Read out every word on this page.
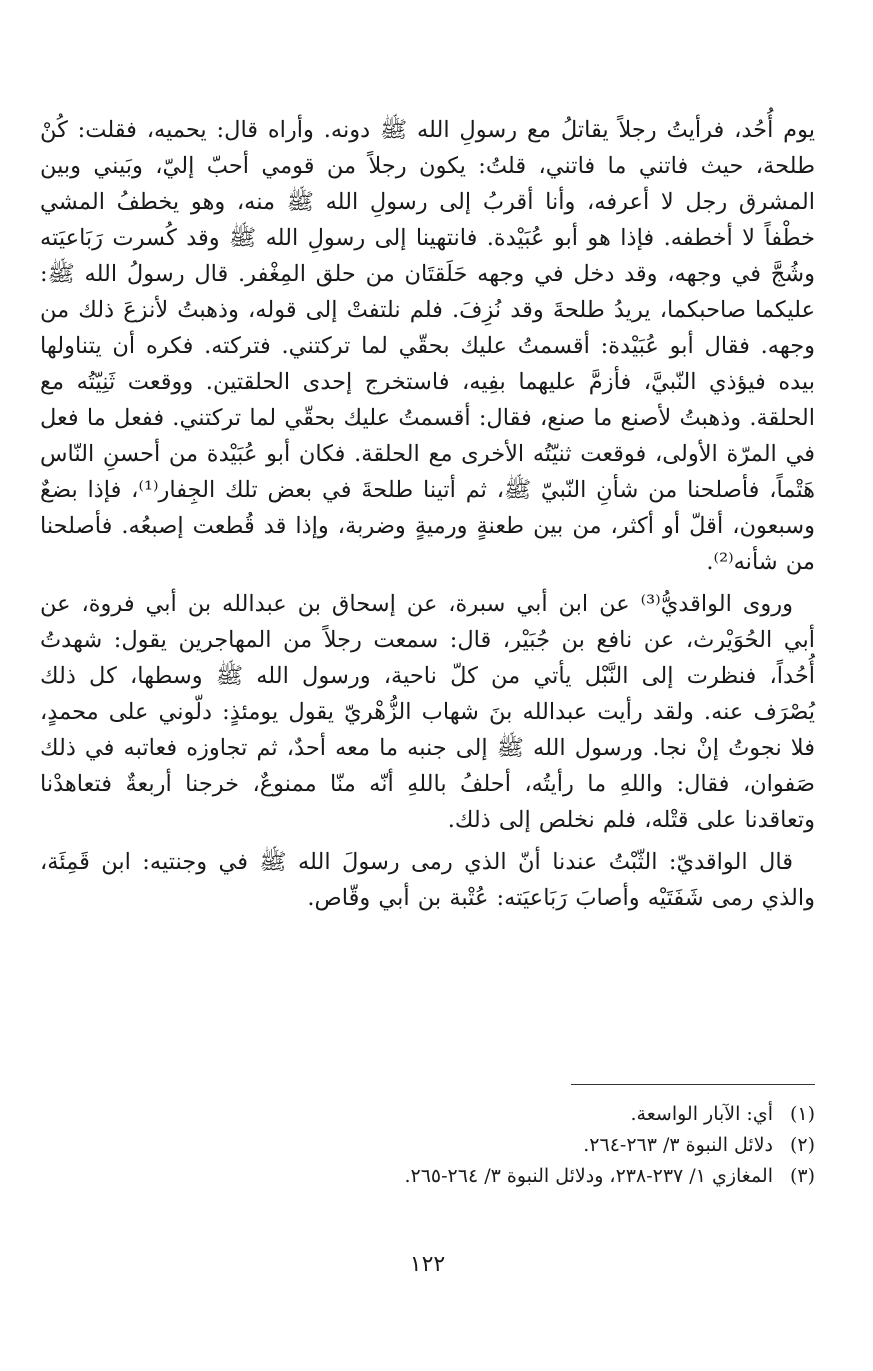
يوم أُحُد، فرأيتُ رجلاً يقاتلُ مع رسولِ الله ﷺ دونه. وأراه قال: يحميه، فقلت: كُنْ طلحة، حيث فاتني ما فاتني، قلتُ: يكون رجلاً من قومي أحبّ إليّ، وبَيني وبين المشرق رجل لا أعرفه، وأنا أقربُ إلى رسولِ الله ﷺ منه، وهو يخطفُ المشي خطْفاً لا أخطفه. فإذا هو أبو عُبَيْدة. فانتهينا إلى رسولِ الله ﷺ وقد كُسرت رَبَاعيَته وشُجَّ في وجهه، وقد دخل في وجهه حَلَقتَان من حلق المِغْفر. قال رسولُ الله ﷺ: عليكما صاحبكما، يريدُ طلحةَ وقد نُزِفَ. فلم نلتفتْ إلى قوله، وذهبتُ لأنزعَ ذلك من وجهه. فقال أبو عُبَيْدة: أقسمتُ عليك بحقّي لما تركتني. فتركته. فكره أن يتناولها بيده فيؤذي النّبيَّ، فأزمَّ عليهما بفِيه، فاستخرج إحدى الحلقتين. ووقعت ثَنِيّتُه مع الحلقة. وذهبتُ لأصنع ما صنع، فقال: أقسمتُ عليك بحقّي لما تركتني. ففعل ما فعل في المرّة الأولى، فوقعت ثنيّتُه الأخرى مع الحلقة. فكان أبو عُبَيْدة من أحسنِ النّاس هَتْماً، فأصلحنا من شأنِ النّبيّ ﷺ، ثم أتينا طلحةَ في بعض تلك الجِفار⁽¹⁾، فإذا بضعٌ وسبعون، أقلّ أو أكثر، من بين طعنةٍ ورميةٍ وضربة، وإذا قد قُطعت إصبعُه. فأصلحنا من شأنه⁽²⁾.

وروى الواقديُّ⁽³⁾ عن ابن أبي سبرة، عن إسحاق بن عبدالله بن أبي فروة، عن أبي الحُوَيْرث، عن نافع بن جُبَيْر، قال: سمعت رجلاً من المهاجرين يقول: شهدتُ أُحُداً، فنظرت إلى النَّبْل يأتي من كلّ ناحية، ورسول الله ﷺ وسطها، كل ذلك يُصْرَف عنه. ولقد رأيت عبدالله بنَ شهاب الزُّهْريّ يقول يومئذٍ: دلّوني على محمدٍ، فلا نجوتُ إنْ نجا. ورسول الله ﷺ إلى جنبه ما معه أحدٌ، ثم تجاوزه فعاتبه في ذلك صَفوان، فقال: واللهِ ما رأيتُه، أحلفُ باللهِ أنّه منّا ممنوعٌ، خرجنا أربعةٌ فتعاهدْنا وتعاقدنا على قتْله، فلم نخلص إلى ذلك.

قال الواقديّ: الثّبْتُ عندنا أنّ الذي رمى رسولَ الله ﷺ في وجنتيه: ابن قَمِئَة، والذي رمى شَفَتَيْه وأصابَ رَبَاعيَته: عُتْبة بن أبي وقّاص.

(١)
أي: الآبار الواسعة.
(٢)
دلائل النبوة ٣/ ٢٦٣-٢٦٤.
(٣)
المغازي ١/ ٢٣٧-٢٣٨، ودلائل النبوة ٣/ ٢٦٤-٢٦٥.
١٢٢
